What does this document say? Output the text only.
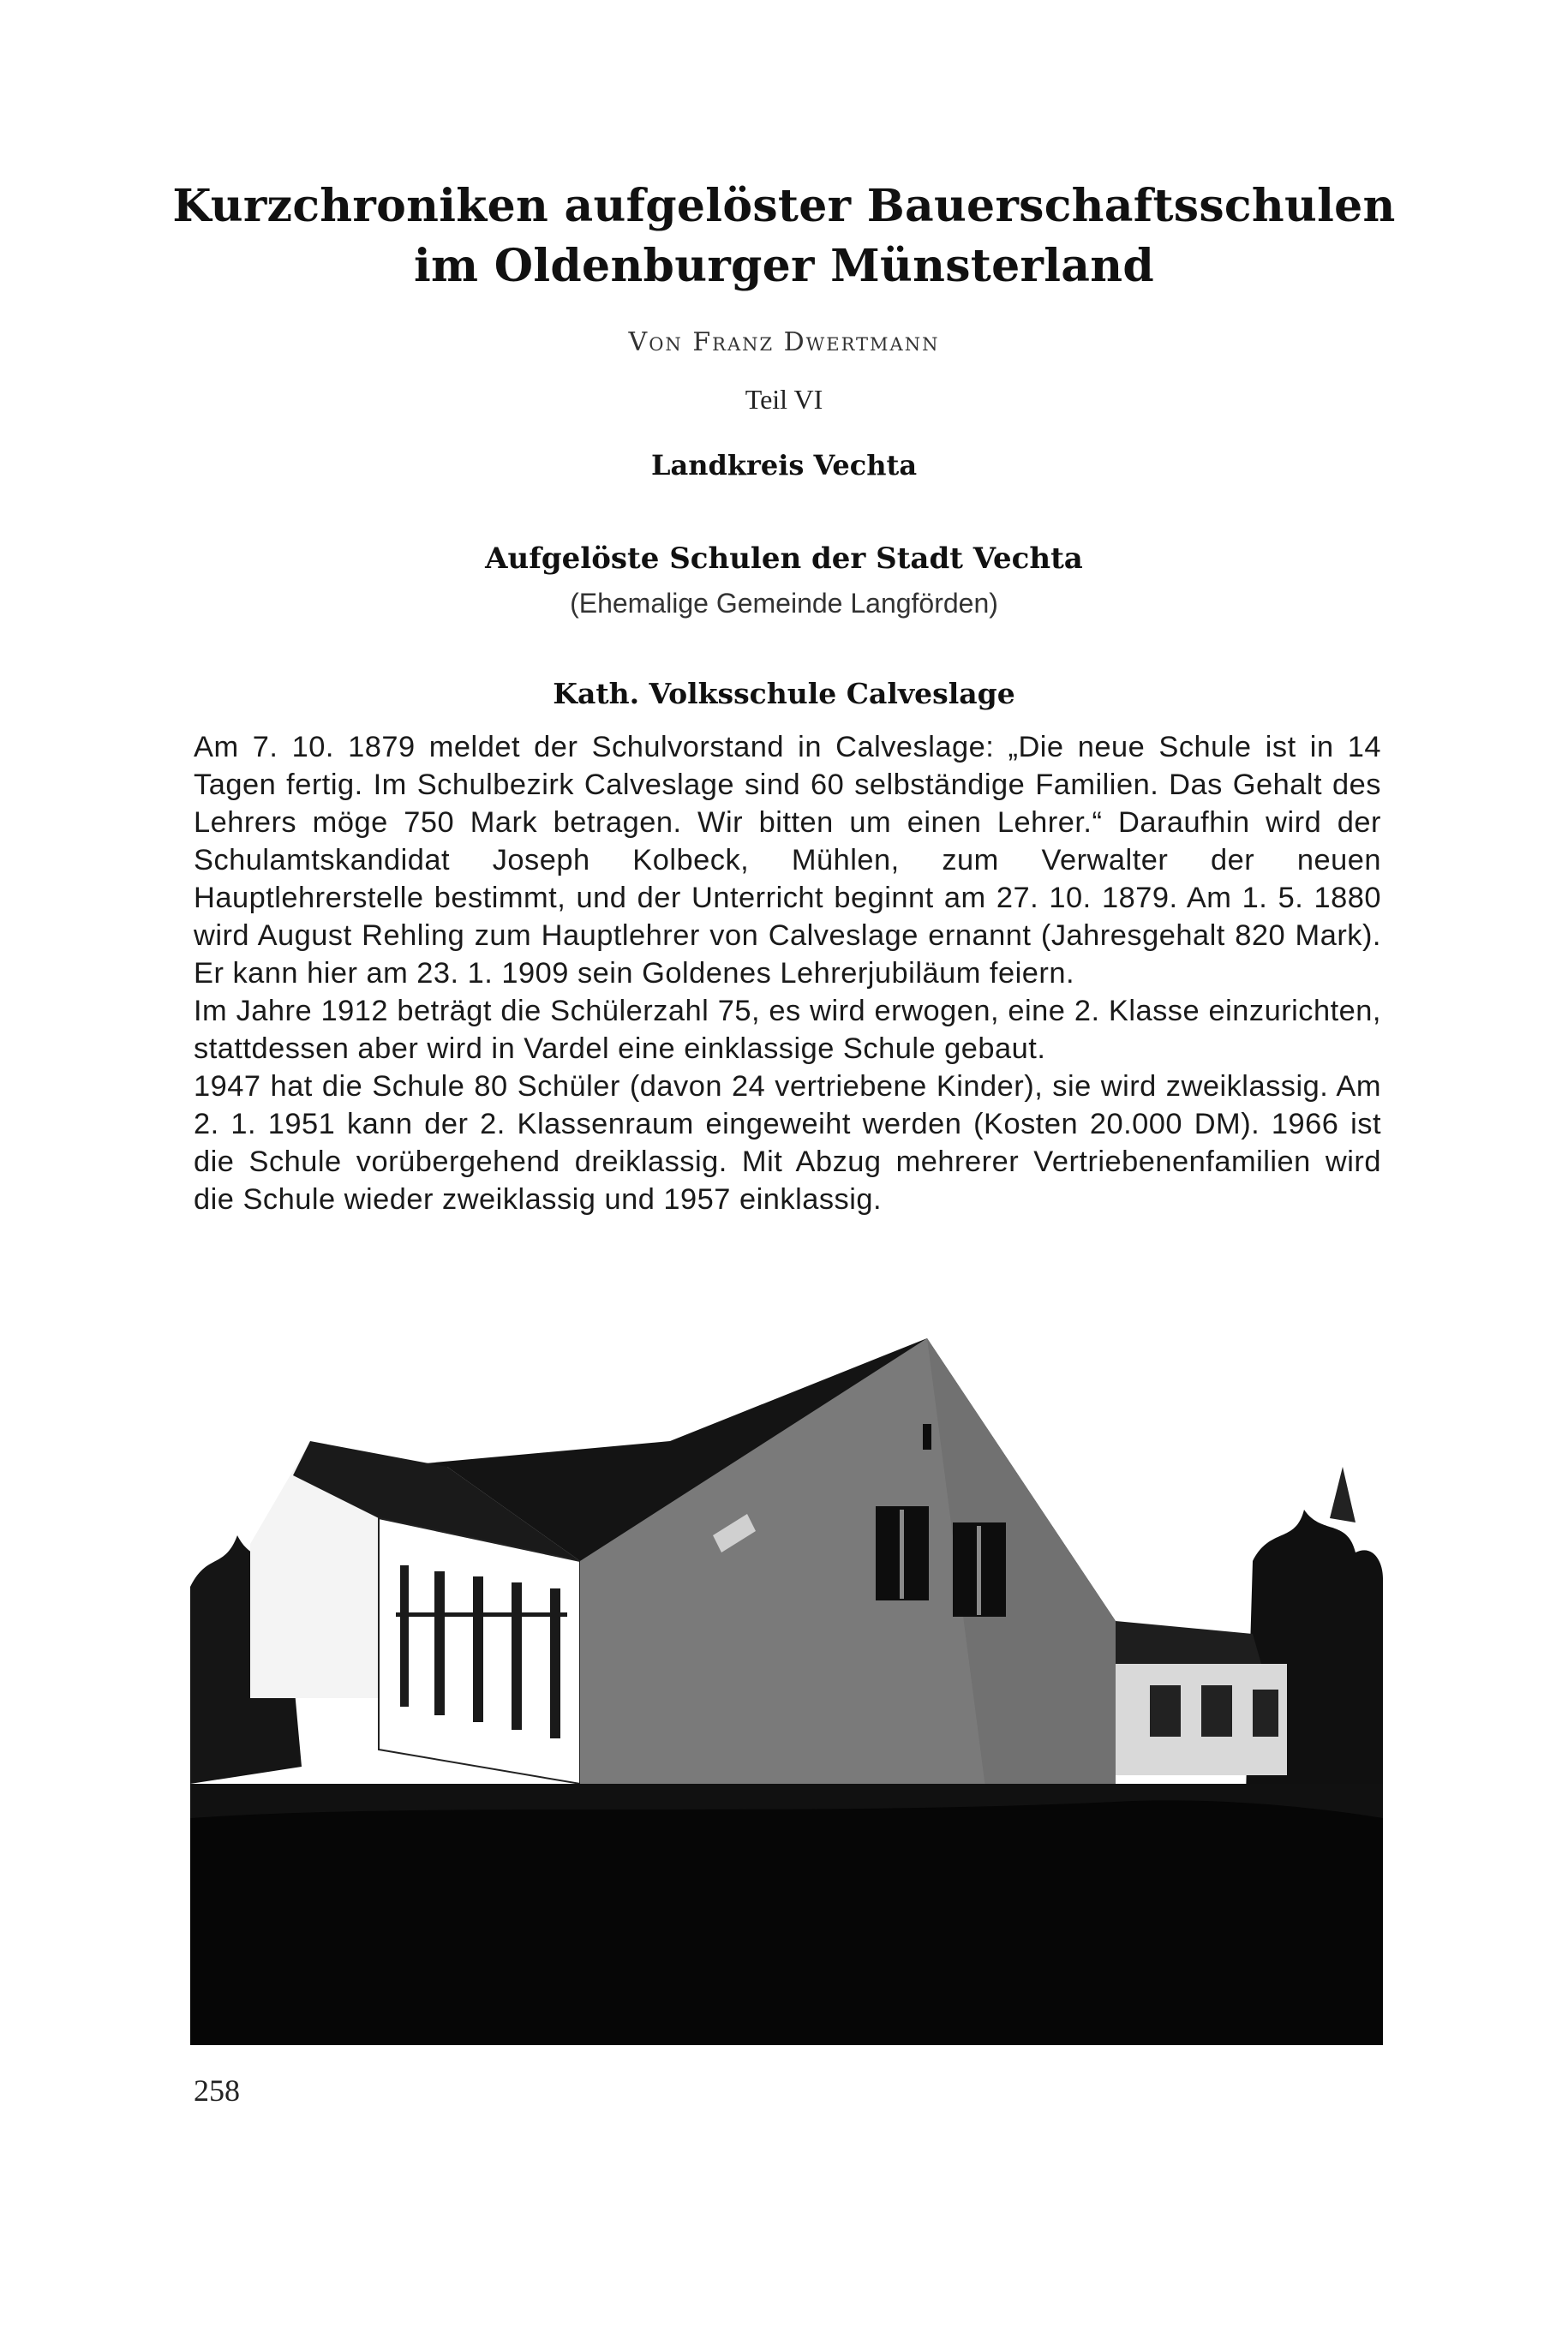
Kurzchroniken aufgelöster Bauerschaftsschulen
im Oldenburger Münsterland
Von Franz Dwertmann
Teil VI
Landkreis Vechta
Aufgelöste Schulen der Stadt Vechta
(Ehemalige Gemeinde Langförden)
Kath. Volksschule Calveslage

Am 7. 10. 1879 meldet der Schulvorstand in Calveslage: „Die neue Schule ist in 14 Tagen fertig. Im Schulbezirk Calveslage sind 60 selbständige Familien. Das Gehalt des Lehrers möge 750 Mark betragen. Wir bitten um einen Lehrer.“ Daraufhin wird der Schulamtskandidat Joseph Kolbeck, Mühlen, zum Verwalter der neuen Hauptlehrerstelle bestimmt, und der Unterricht beginnt am 27. 10. 1879. Am 1. 5. 1880 wird August Rehling zum Hauptlehrer von Calveslage ernannt (Jahresgehalt 820 Mark). Er kann hier am 23. 1. 1909 sein Goldenes Lehrerjubiläum feiern.

Im Jahre 1912 beträgt die Schülerzahl 75, es wird erwogen, eine 2. Klasse einzurichten, stattdessen aber wird in Vardel eine einklassige Schule gebaut.

1947 hat die Schule 80 Schüler (davon 24 vertriebene Kinder), sie wird zweiklassig. Am 2. 1. 1951 kann der 2. Klassenraum eingeweiht werden (Kosten 20.000 DM). 1966 ist die Schule vorübergehend dreiklassig. Mit Abzug mehrerer Vertriebenenfamilien wird die Schule wieder zweiklassig und 1957 einklassig.

258
